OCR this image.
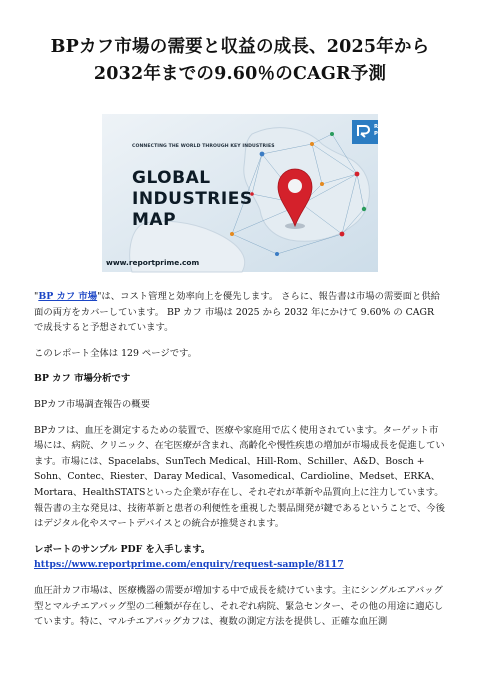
BPカフ市場の需要と収益の成長、2025年から2032年までの9.60％のCAGR予測
CONNECTING THE WORLD THROUGH KEY INDUSTRIES
GLOBAL
INDUSTRIES
MAP
Report
Prime
www.reportprime.com

"BP カフ 市場"は、コスト管理と効率向上を優先します。 さらに、報告書は市場の需要面と供給面の両方をカバーしています。 BP カフ 市場は 2025 から 2032 年にかけて 9.60% の CAGR で成長すると予想されています。

このレポート全体は 129 ページです。

BP カフ 市場分析です

BPカフ市場調査報告の概要

BPカフは、血圧を測定するための装置で、医療や家庭用で広く使用されています。ターゲット市場には、病院、クリニック、在宅医療が含まれ、高齢化や慢性疾患の増加が市場成長を促進しています。市場には、Spacelabs、SunTech Medical、Hill-Rom、Schiller、A&D、Bosch + Sohn、Contec、Riester、Daray Medical、Vasomedical、Cardioline、Medset、ERKA、Mortara、HealthSTATSといった企業が存在し、それぞれが革新や品質向上に注力しています。報告書の主な発見は、技術革新と患者の利便性を重視した製品開発が鍵であるということで、今後はデジタル化やスマートデバイスとの統合が推奨されます。

レポートのサンプル PDF を入手します。  https://www.reportprime.com/enquiry/request-sample/8117

血圧計カフ市場は、医療機器の需要が増加する中で成長を続けています。主にシングルエアバッグ型とマルチエアバッグ型の二種類が存在し、それぞれ病院、緊急センター、その他の用途に適応しています。特に、マルチエアバッグカフは、複数の測定方法を提供し、正確な血圧測
